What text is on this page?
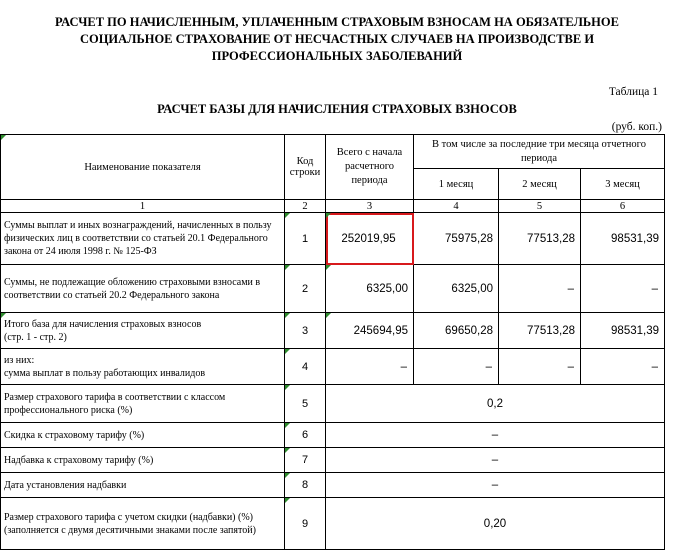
РАСЧЕТ ПО НАЧИСЛЕННЫМ, УПЛАЧЕННЫМ СТРАХОВЫМ ВЗНОСАМ НА ОБЯЗАТЕЛЬНОЕ
СОЦИАЛЬНОЕ СТРАХОВАНИЕ ОТ НЕСЧАСТНЫХ СЛУЧАЕВ НА ПРОИЗВОДСТВЕ И
ПРОФЕССИОНАЛЬНЫХ ЗАБОЛЕВАНИЙ
Таблица 1
РАСЧЕТ БАЗЫ ДЛЯ НАЧИСЛЕНИЯ СТРАХОВЫХ ВЗНОСОВ
(руб. коп.)
Наименование показателя	Код строки	Всего с начала расчетного периода	В том числе за последние три месяца отчетного периода		
			1 месяц	2 месяц	3 месяц
1	2	3	4	5	6
Суммы выплат и иных вознаграждений, начисленных в пользу физических лиц в соответствии со статьей 20.1 Федерального закона от 24 июля 1998 г. № 125-ФЗ	1	252019,95	75975,28	77513,28	98531,39
Суммы, не подлежащие обложению страховыми взносами в соответствии со статьей 20.2 Федерального закона	2	6325,00	6325,00	–	–

Итого база для начисления страховых взносов
(стр. 1 - стр. 2)	3	245694,95	69650,28	77513,28	98531,39

из них:
сумма выплат в пользу работающих инвалидов	4	–	–	–	–
Размер страхового тарифа в соответствии с классом профессионального риска (%)	5	0,2			
Скидка к страховому тарифу (%)	6	–			
Надбавка к страховому тарифу (%)	7	–			
Дата установления надбавки	8	–			
Размер страхового тарифа с учетом скидки (надбавки) (%) (заполняется с двумя десятичными знаками после запятой)	9	0,20			
